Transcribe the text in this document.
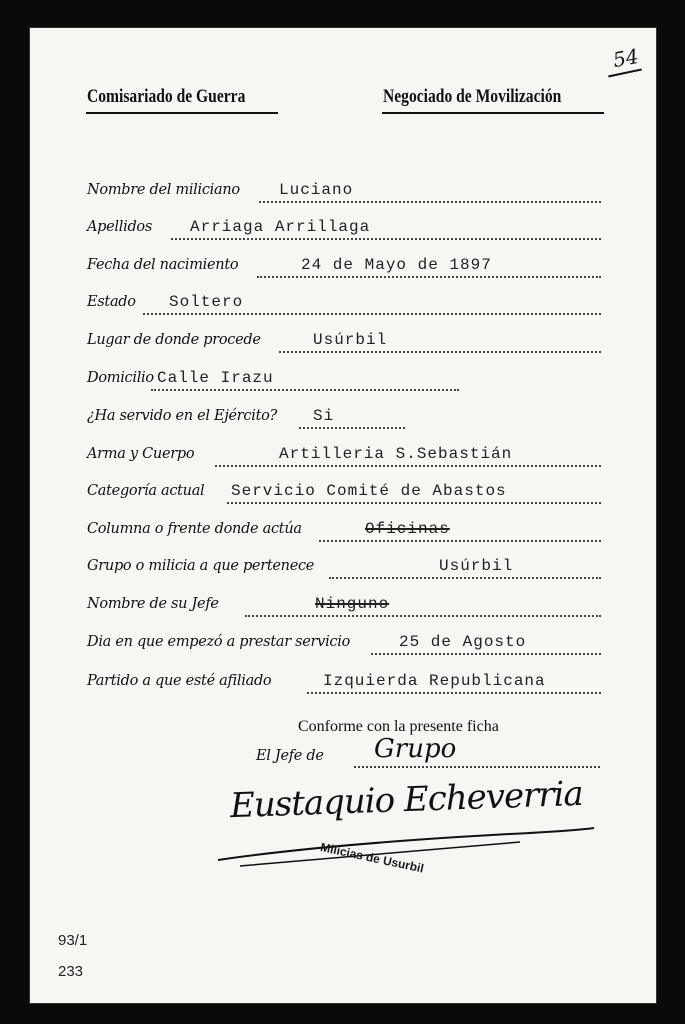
Comisariado de Guerra	Negociado de Movilización
54
Nombre del miliciano Luciano
Apellidos Arriaga Arrillaga
Fecha del nacimiento	24 de Mayo de 1897
Estado Soltero
Lugar de donde procede	Usúrbil
Domicilio Calle Irazu
¿Ha servido en el Ejército? Si
Arma y Cuerpo	Artilleria S.Sebastián
Categoría actual Servicio Comité de Abastos
Columna o frente donde actúa	Oficinas
Grupo o milicia a que pertenece	Usúrbil
Nombre de su Jefe	Ninguno
Dia en que empezó a prestar servicio	25 de Agosto
Partido a que esté afiliado	Izquierda Republicana
Conforme con la presente ficha
El Jefe de Grupo
Eustaquio Echeverria
Milicias de Usurbil
93/1
233
